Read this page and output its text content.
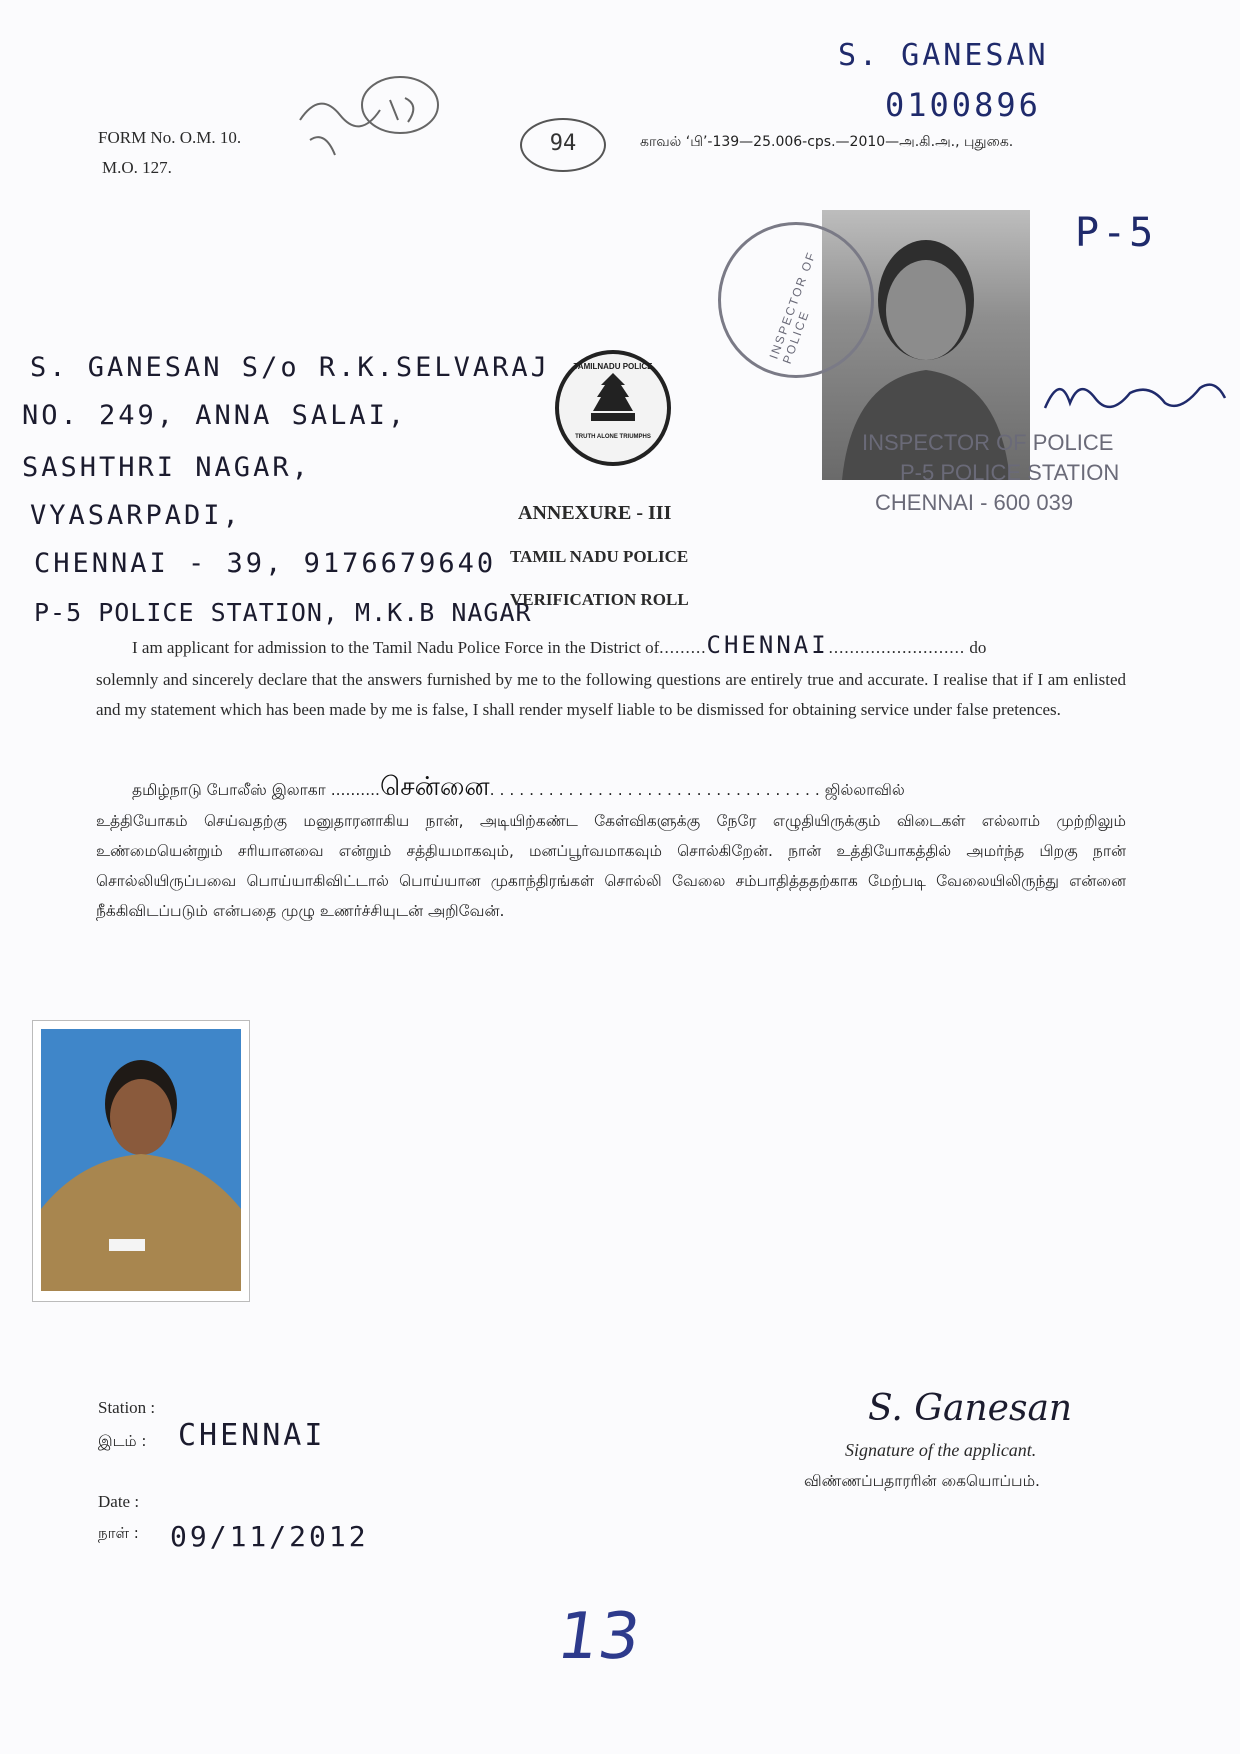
FORM No. O.M. 10.
M.O. 127.
காவல் ‘பி’-139—25.006-cps.—2010—அ.கி.அ., புதுகை.
S. GANESAN
0100896
94
INSPECTOR OF POLICE
INSPECTOR OF POLICE
P-5 POLICE STATION
CHENNAI - 600 039
P-5
TAMILNADU POLICE
TRUTH ALONE TRIUMPHS
S. GANESAN S/o R.K.SELVARAJ
NO. 249, ANNA SALAI,
SASHTHRI NAGAR,
VYASARPADI,
CHENNAI - 39, 9176679640
P-5 POLICE STATION, M.K.B NAGAR
ANNEXURE - III
TAMIL NADU POLICE
VERIFICATION ROLL
I am applicant for admission to the Tamil Nadu Police Force in the District of.........CHENNAI.......................... do
solemnly and sincerely declare that the answers furnished by me to the following questions are entirely true and accurate. I realise that if I am enlisted and my statement which has been made by me is false, I shall render myself liable to be dismissed for obtaining service under false pretences.
தமிழ்நாடு போலீஸ் இலாகா ..........சென்னை. . . . . . . . . . . . . . . . . . . . . . . . . . . . . . . . . . ஜில்லாவில்
உத்தியோகம் செய்வதற்கு மனுதாரனாகிய நான், அடியிற்கண்ட கேள்விகளுக்கு நேரே எழுதியிருக்கும் விடைகள் எல்லாம் முற்றிலும் உண்மையென்றும் சரியானவை என்றும் சத்தியமாகவும், மனப்பூர்வமாகவும் சொல்கிறேன். நான் உத்தியோகத்தில் அமர்ந்த பிறகு நான் சொல்லியிருப்பவை பொய்யாகிவிட்டால் பொய்யான முகாந்திரங்கள் சொல்லி வேலை சம்பாதித்ததற்காக மேற்படி வேலையிலிருந்து என்னை நீக்கிவிடப்படும் என்பதை முழு உணர்ச்சியுடன் அறிவேன்.
Station :
இடம் : CHENNAI
Date :
நாள் : 09/11/2012
S. Ganesan
Signature of the applicant.
விண்ணப்பதாரரின் கையொப்பம்.
13
